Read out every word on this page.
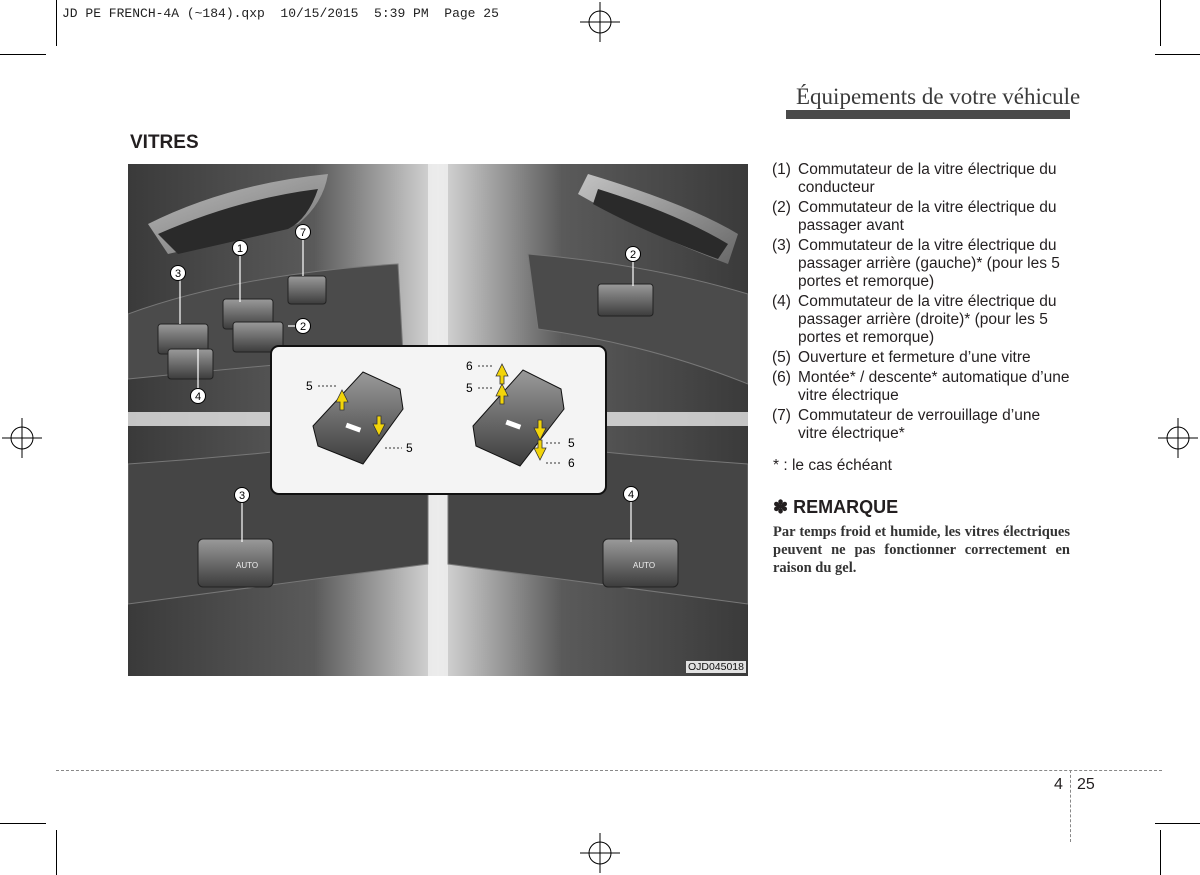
JD PE FRENCH-4A (~184).qxp  10/15/2015  5:39 PM  Page 25
Équipements de votre véhicule
VITRES
AUTO	AUTO
1
7
3
4
2
2
3	4
5
5
6
5
5
6
OJD045018
(1) Commutateur de la vitre électrique du conducteur
(2) Commutateur de la vitre électrique du passager avant
(3) Commutateur de la vitre électrique du passager arrière (gauche)* (pour les 5 portes et remorque)
(4) Commutateur de la vitre électrique du passager arrière (droite)* (pour les 5 portes et remorque)
(5) Ouverture et fermeture d’une vitre
(6) Montée* / descente* automatique d’une vitre électrique
(7) Commutateur de verrouillage d’une vitre électrique*
* : le cas échéant
✽ REMARQUE
Par temps froid et humide, les vitres électriques peuvent ne pas fonctionner correctement en raison du gel.
4 25
